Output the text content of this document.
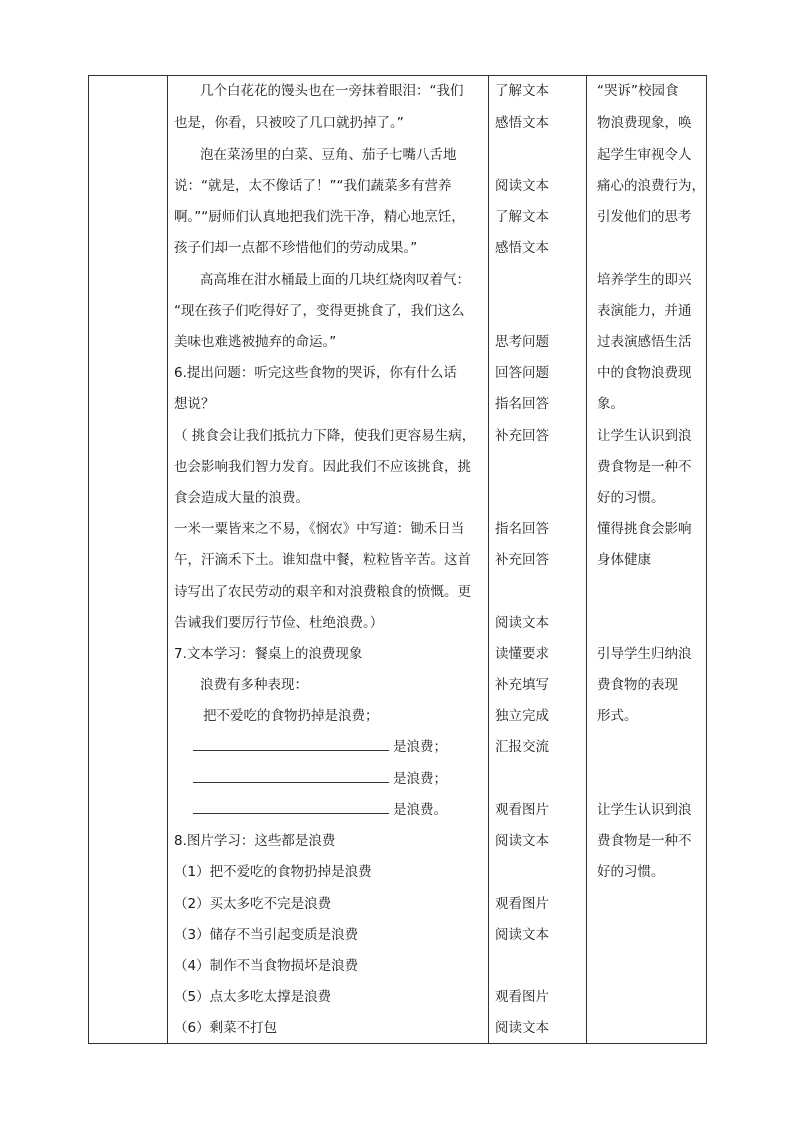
几个白花花的馒头也在一旁抹着眼泪：“我们
也是，你看，只被咬了几口就扔掉了。”
泡在菜汤里的白菜、豆角、茄子七嘴八舌地
说：“就是，太不像话了！”“我们蔬菜多有营养
啊。”“厨师们认真地把我们洗干净，精心地烹饪，
孩子们却一点都不珍惜他们的劳动成果。”
高高堆在泔水桶最上面的几块红烧肉叹着气：
“现在孩子们吃得好了，变得更挑食了，我们这么
美味也难逃被抛弃的命运。”
6.提出问题：听完这些食物的哭诉，你有什么话
想说？
（ 挑食会让我们抵抗力下降，使我们更容易生病，
也会影响我们智力发育。因此我们不应该挑食，挑
食会造成大量的浪费。
一米一粟皆来之不易，《悯农》中写道：锄禾日当
午，汗滴禾下土。谁知盘中餐，粒粒皆辛苦。这首
诗写出了农民劳动的艰辛和对浪费粮食的愤慨。更
告诫我们要厉行节俭、杜绝浪费。）
7.文本学习：餐桌上的浪费现象
浪费有多种表现：
把不爱吃的食物扔掉是浪费；
是浪费；
是浪费；
是浪费。
8.图片学习：这些都是浪费
（1）把不爱吃的食物扔掉是浪费
（2）买太多吃不完是浪费
（3）储存不当引起变质是浪费
（4）制作不当食物损坏是浪费
（5）点太多吃太撑是浪费
（6）剩菜不打包
了解文本
感悟文本
阅读文本
了解文本
感悟文本
思考问题
回答问题
指名回答
补充回答
指名回答
补充回答
阅读文本
读懂要求
补充填写
独立完成
汇报交流
观看图片
阅读文本
观看图片
阅读文本
观看图片
阅读文本
“哭诉”校园食
物浪费现象，唤
起学生审视令人
痛心的浪费行为，
引发他们的思考
培养学生的即兴
表演能力，并通
过表演感悟生活
中的食物浪费现
象。
让学生认识到浪
费食物是一种不
好的习惯。
懂得挑食会影响
身体健康
引导学生归纳浪
费食物的表现
形式。
让学生认识到浪
费食物是一种不
好的习惯。
